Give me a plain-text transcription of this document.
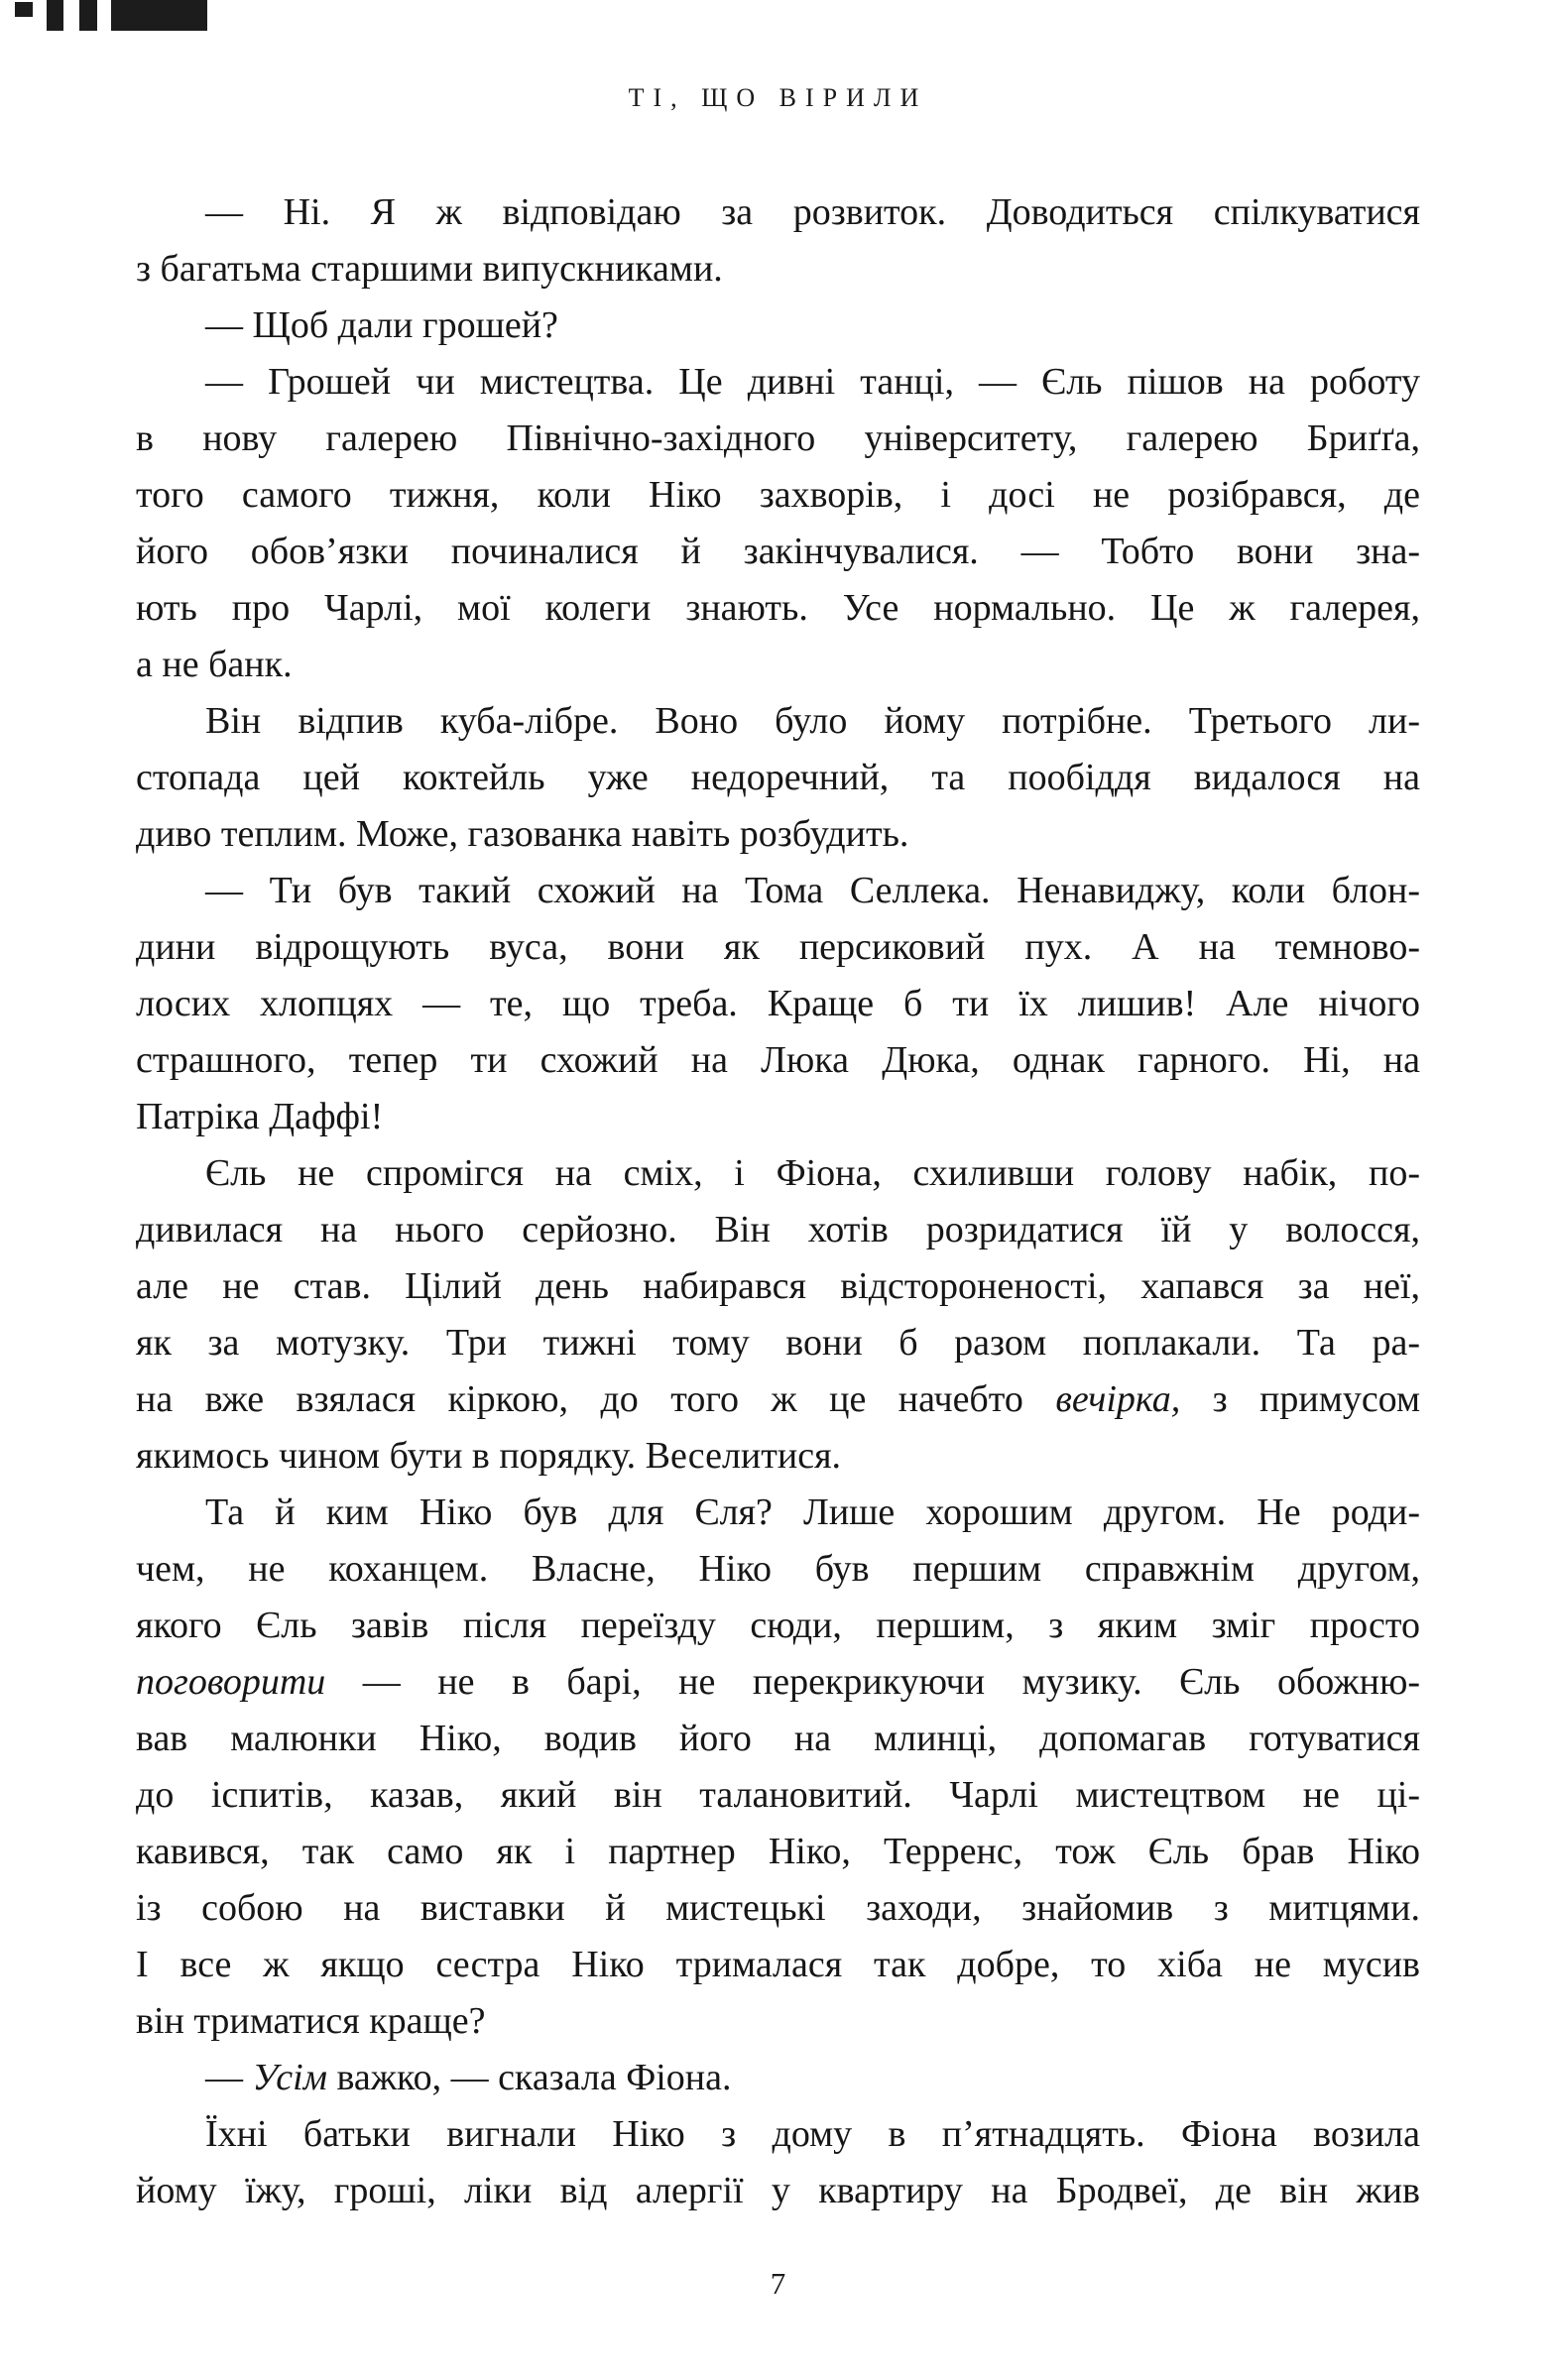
ТІ, ЩО ВІРИЛИ
— Ні. Я ж відповідаю за розвиток. Доводиться спілкуватися
з багатьма старшими випускниками.
— Щоб дали грошей?
— Грошей чи мистецтва. Це дивні танці, — Єль пішов на роботу
в нову галерею Північно-західного університету, галерею Бриґґа,
того самого тижня, коли Ніко захворів, і досі не розібрався, де
його обов’язки починалися й закінчувалися. — Тобто вони зна-
ють про Чарлі, мої колеги знають. Усе нормально. Це ж галерея,
а не банк.
Він відпив куба-лібре. Воно було йому потрібне. Третього ли-
стопада цей коктейль уже недоречний, та пообіддя видалося на
диво теплим. Може, газованка навіть розбудить.
— Ти був такий схожий на Тома Селлека. Ненавиджу, коли блон-
дини відрощують вуса, вони як персиковий пух. А на темново-
лосих хлопцях — те, що треба. Краще б ти їх лишив! Але нічого
страшного, тепер ти схожий на Люка Дюка, однак гарного. Ні, на
Патріка Даффі!
Єль не спромігся на сміх, і Фіона, схиливши голову набік, по-
дивилася на нього серйозно. Він хотів розридатися їй у волосся,
але не став. Цілий день набирався відстороненості, хапався за неї,
як за мотузку. Три тижні тому вони б разом поплакали. Та ра-
на вже взялася кіркою, до того ж це начебто вечірка, з примусом
якимось чином бути в порядку. Веселитися.
Та й ким Ніко був для Єля? Лише хорошим другом. Не роди-
чем, не коханцем. Власне, Ніко був першим справжнім другом,
якого Єль завів після переїзду сюди, першим, з яким зміг просто
поговорити — не в барі, не перекрикуючи музику. Єль обожню-
вав малюнки Ніко, водив його на млинці, допомагав готуватися
до іспитів, казав, який він талановитий. Чарлі мистецтвом не ці-
кавився, так само як і партнер Ніко, Терренс, тож Єль брав Ніко
із собою на виставки й мистецькі заходи, знайомив з митцями.
І все ж якщо сестра Ніко трималася так добре, то хіба не мусив
він триматися краще?
— Усім важко, — сказала Фіона.
Їхні батьки вигнали Ніко з дому в п’ятнадцять. Фіона возила
йому їжу, гроші, ліки від алергії у квартиру на Бродвеї, де він жив
7
